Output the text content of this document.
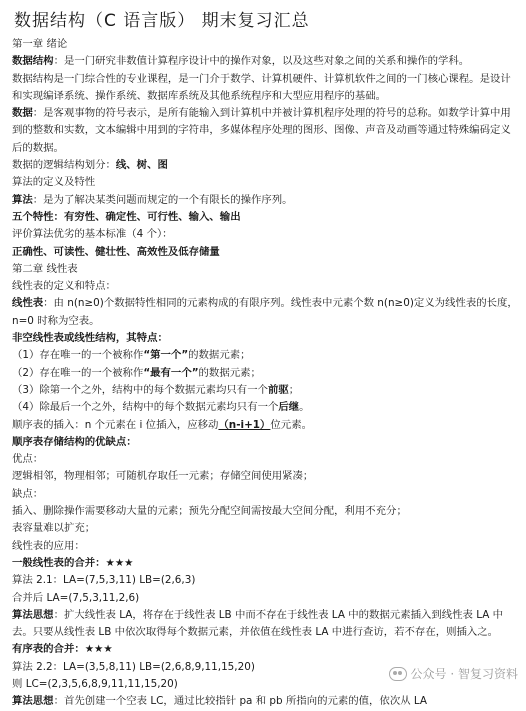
数据结构（C 语言版） 期末复习汇总

第一章 绪论

数据结构：是一门研究非数值计算程序设计中的操作对象，以及这些对象之间的关系和操作的学科。

数据结构是一门综合性的专业课程，是一门介于数学、计算机硬件、计算机软件之间的一门核心课程。是设计和实现编译系统、操作系统、数据库系统及其他系统程序和大型应用程序的基础。

数据：是客观事物的符号表示，是所有能输入到计算机中并被计算机程序处理的符号的总称。如数学计算中用到的整数和实数，文本编辑中用到的字符串，多媒体程序处理的图形、图像、声音及动画等通过特殊编码定义后的数据。

数据的逻辑结构划分：线、树、图

算法的定义及特性

算法：是为了解决某类问题而规定的一个有限长的操作序列。

五个特性：有穷性、确定性、可行性、输入、输出

评价算法优劣的基本标准（4 个）：

正确性、可读性、健壮性、高效性及低存储量

第二章 线性表

线性表的定义和特点：

线性表：由 n(n≥0)个数据特性相同的元素构成的有限序列。线性表中元素个数 n(n≥0)定义为线性表的长度，n=0 时称为空表。

非空线性表或线性结构，其特点：

（1）存在唯一的一个被称作“第一个”的数据元素；

（2）存在唯一的一个被称作“最有一个”的数据元素；

（3）除第一个之外，结构中的每个数据元素均只有一个前驱；

（4）除最后一个之外，结构中的每个数据元素均只有一个后继。

顺序表的插入：n 个元素在 i 位插入，应移动（n-i+1）位元素。

顺序表存储结构的优缺点：

优点：

逻辑相邻，物理相邻；可随机存取任一元素；存储空间使用紧凑；

缺点：

插入、删除操作需要移动大量的元素；预先分配空间需按最大空间分配，利用不充分；

表容量难以扩充；

线性表的应用：

一般线性表的合并：★★★

算法 2.1：LA=(7,5,3,11) LB=(2,6,3)

合并后 LA=(7,5,3,11,2,6)

算法思想：扩大线性表 LA，将存在于线性表 LB 中而不存在于线性表 LA 中的数据元素插入到线性表 LA 中去。只要从线性表 LB 中依次取得每个数据元素，并依值在线性表 LA 中进行查访，若不存在，则插入之。

有序表的合并：★★★

算法 2.2：LA=(3,5,8,11) LB=(2,6,8,9,11,15,20)

则 LC=(2,3,5,6,8,9,11,11,15,20)

算法思想：首先创建一个空表 LC，通过比较指针 pa 和 pb 所指向的元素的值，依次从 LA

公众号 · 智复习资料
